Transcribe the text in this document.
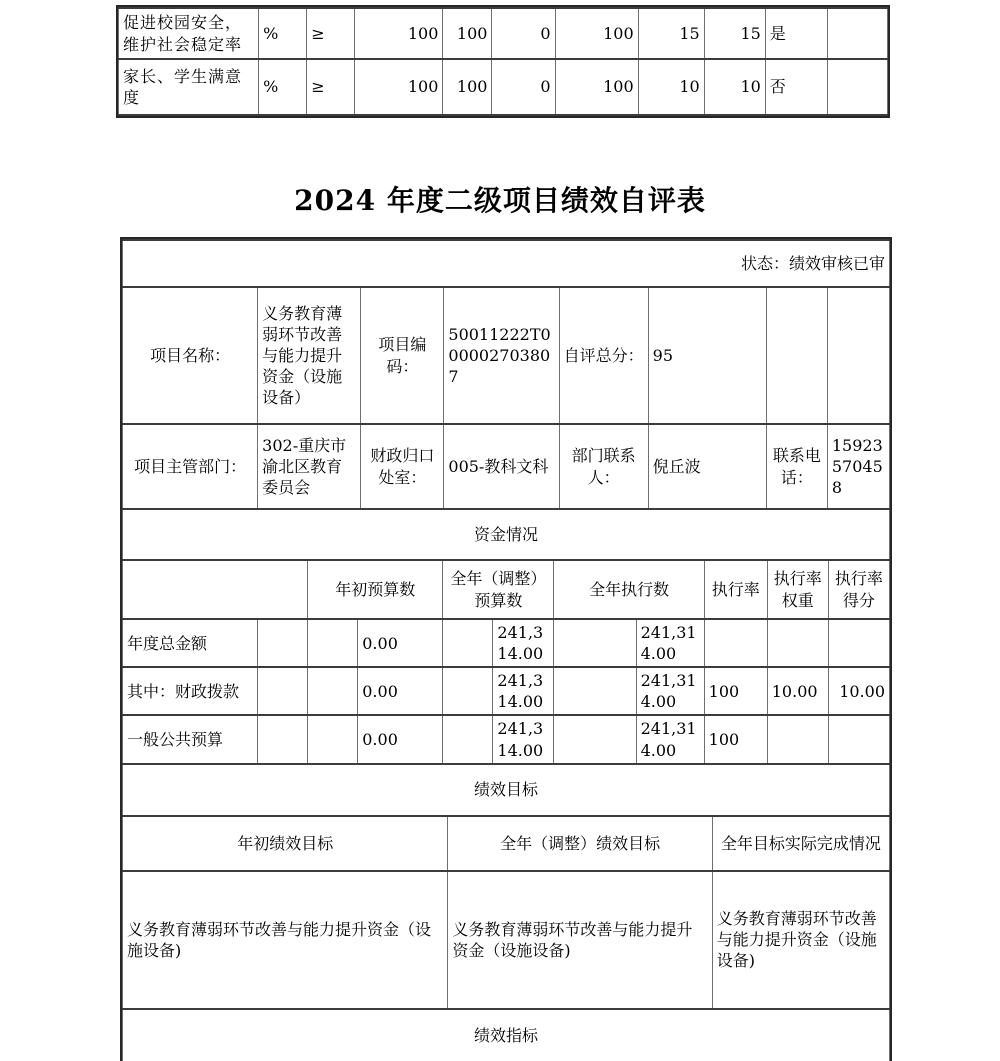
促进校园安全，维护社会稳定率	%	≥	100	100	0	100	15	15	是	
家长、学生满意度	%	≥	100	100	0	100	10	10	否	
2024 年度二级项目绩效自评表
状态：绩效审核已审
项目名称：	义务教育薄弱环节改善与能力提升资金（设施设备）	项目编码：	50011222T000002703807	自评总分：	95		
项目主管部门：	302-重庆市渝北区教育委员会	财政归口处室：	005-教科文科	部门联系人：	倪丘波	联系电话：	15923570458
资金情况
		年初预算数		全年（调整）预算数		全年执行数		执行率	执行率权重	执行率得分
年度总金额			0.00		241,314.00		241,314.00			
其中：财政拨款			0.00		241,314.00		241,314.00	100	10.00	10.00
一般公共预算			0.00		241,314.00		241,314.00	100		
绩效目标
年初绩效目标	全年（调整）绩效目标	全年目标实际完成情况
义务教育薄弱环节改善与能力提升资金（设施设备)	义务教育薄弱环节改善与能力提升资金（设施设备)	义务教育薄弱环节改善与能力提升资金（设施设备)
绩效指标
